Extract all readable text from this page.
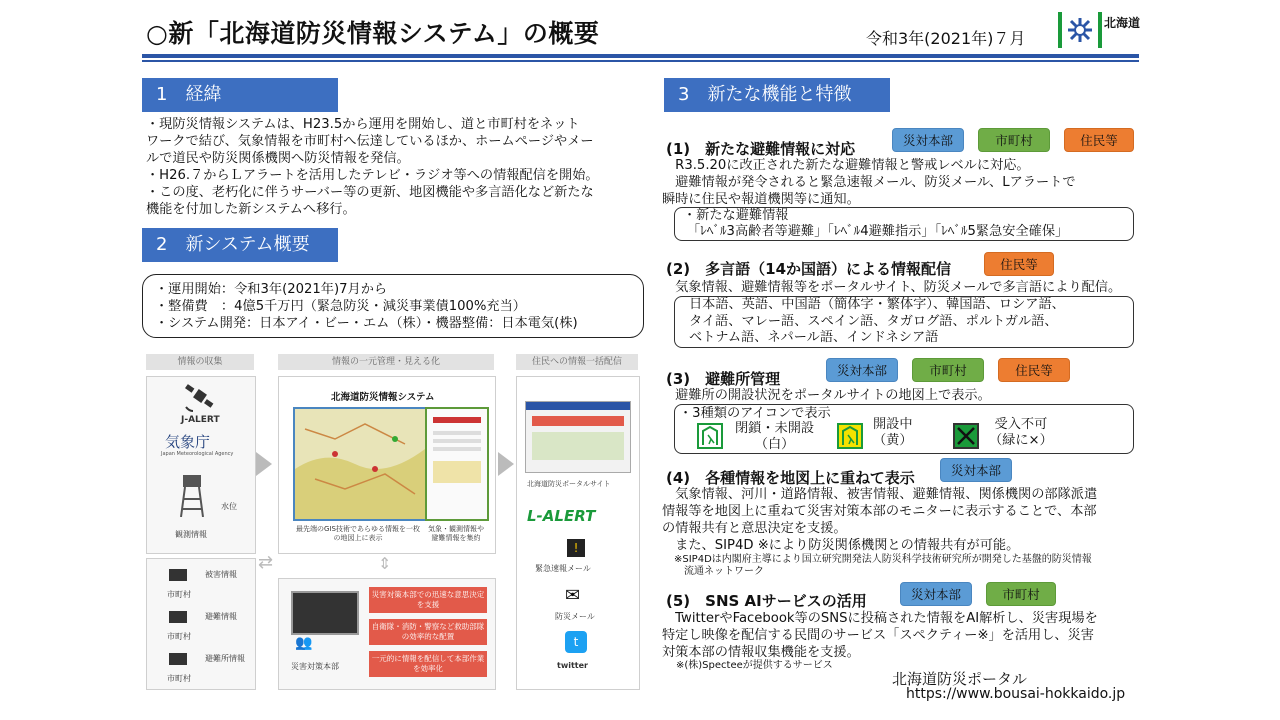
○新「北海道防災情報システム」の概要	令和3年(2021年)７月
北海道
1　経緯
・現防災情報システムは、H23.5から運用を開始し、道と市町村をネット
ワークで結び、気象情報を市町村へ伝達しているほか、ホームページやメー
ルで道民や防災関係機関へ防災情報を発信。
・H26.７からＬアラートを活用したテレビ・ラジオ等への情報配信を開始。
・この度、老朽化に伴うサーバー等の更新、地図機能や多言語化など新たな
機能を付加した新システムへ移行。
2　新システム概要
・運用開始：令和3年(2021年)7月から
・整備費　：4億5千万円（緊急防災・減災事業債100%充当）
・システム開発：日本アイ・ビー・エム（株）・機器整備：日本電気(株)
情報の収集
J-ALERT
気象庁
Japan Meteorological Agency
水位
観測情報
被害情報
市町村
避難情報
市町村
避難所情報
市町村
⇄
情報の一元管理・見える化
北海道防災情報システム
最先端のGIS技術であらゆる情報を一枚の地図上に表示
気象・観測情報や避難情報を集約
⇕
👥
災害対策本部
災害対策本部での迅速な意思決定を支援
自衛隊・消防・警察など救助部隊の効率的な配置
一元的に情報を配信して本部作業を効率化
住民への情報一括配信
北海道防災ポータルサイト
L-ALERT
!
緊急速報メール
✉
防災メール
t
twitter
3　新たな機能と特徴
(1)　新たな避難情報に対応	災対本部	市町村	住民等
　R3.5.20に改正された新たな避難情報と警戒レベルに対応。
　避難情報が発令されると緊急速報メール、防災メール、Lアラートで
瞬時に住民や報道機関等に通知。
・新たな避難情報
「ﾚﾍﾞﾙ3高齢者等避難」「ﾚﾍﾞﾙ4避難指示」「ﾚﾍﾞﾙ5緊急安全確保」
(2)　多言語（14か国語）による情報配信	住民等
　気象情報、避難情報等をポータルサイト、防災メールで多言語により配信。
日本語、英語、中国語（簡体字・繁体字）、韓国語、ロシア語、
タイ語、マレー語、スペイン語、タガログ語、ポルトガル語、
ベトナム語、ネパール語、インドネシア語
(3)　避難所管理	災対本部	市町村	住民等
　避難所の開設状況をポータルサイトの地図上で表示。
・3種類のアイコンで表示
閉鎖・未開設
（白）
開設中
（黄）
受入不可
（緑に×）
(4)　各種情報を地図上に重ねて表示	災対本部
　気象情報、河川・道路情報、被害情報、避難情報、関係機関の部隊派遣
情報等を地図上に重ねて災害対策本部のモニターに表示することで、本部
の情報共有と意思決定を支援。
　また、SIP4D ※により防災関係機関との情報共有が可能。
※SIP4Dは内閣府主導により国立研究開発法人防災科学技術研究所が開発した基盤的防災情報
　流通ネットワーク
(5)　SNS AIサービスの活用	災対本部	市町村
　TwitterやFacebook等のSNSに投稿された情報をAI解析し、災害現場を
特定し映像を配信する民間のサービス「スペクティー※」を活用し、災害
対策本部の情報収集機能を支援。
※(株)Specteeが提供するサービス
北海道防災ポータル
https://www.bousai-hokkaido.jp
